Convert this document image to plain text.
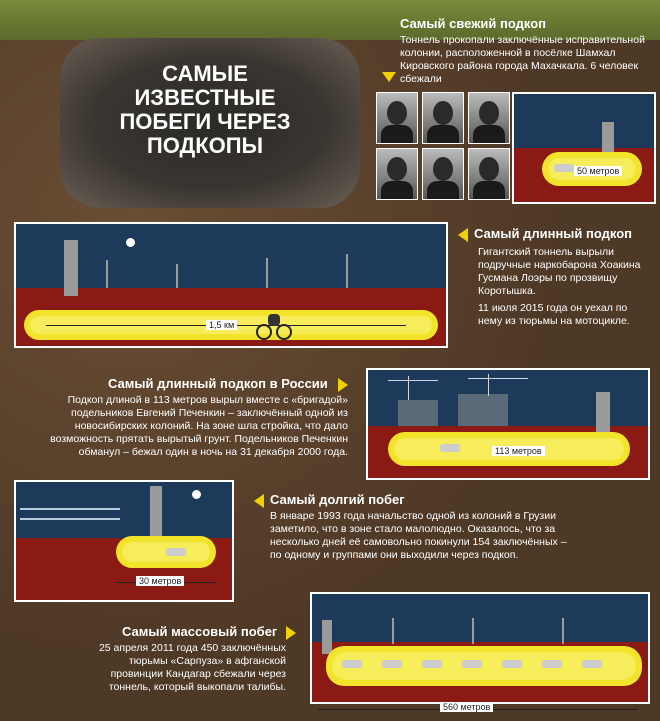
САМЫЕ ИЗВЕСТНЫЕ ПОБЕГИ ЧЕРЕЗ ПОДКОПЫ
Самый свежий подкоп
Тоннель прокопали заключённые исправительной колонии, расположенной в посёлке Шамхал Кировского района города Махачкала. 6 человек сбежали
50 метров
1,5 км
Самый длинный подкоп
Гигантский тоннель вырыли подручные наркобарона Хоакина Гусмана Лоэры по прозвищу Коротышка.
11 июля 2015 года он уехал по нему из тюрьмы на мотоцикле.
Самый длинный подкоп в России
Подкоп длиной в 113 метров вырыл вместе с «бригадой» подельников Евгений Печенкин – заключённый одной из новосибирских колоний. На зоне шла стройка, что дало возможность прятать вырытый грунт. Подельников Печенкин обманул – бежал один в ночь на 31 декабря 2000 года.	113 метров
30 метров
Самый долгий побег
В январе 1993 года начальство одной из колоний в Грузии заметило, что в зоне стало малолюдно. Оказалось, что за несколько дней её самовольно покинули 154 заключённых – по одному и группами они выходили через подкоп.
Самый массовый побег
25 апреля 2011 года 450 заключённых тюрьмы «Сарпуза» в афганской провинции Кандагар сбежали через тоннель, который выкопали талибы.
560 метров
